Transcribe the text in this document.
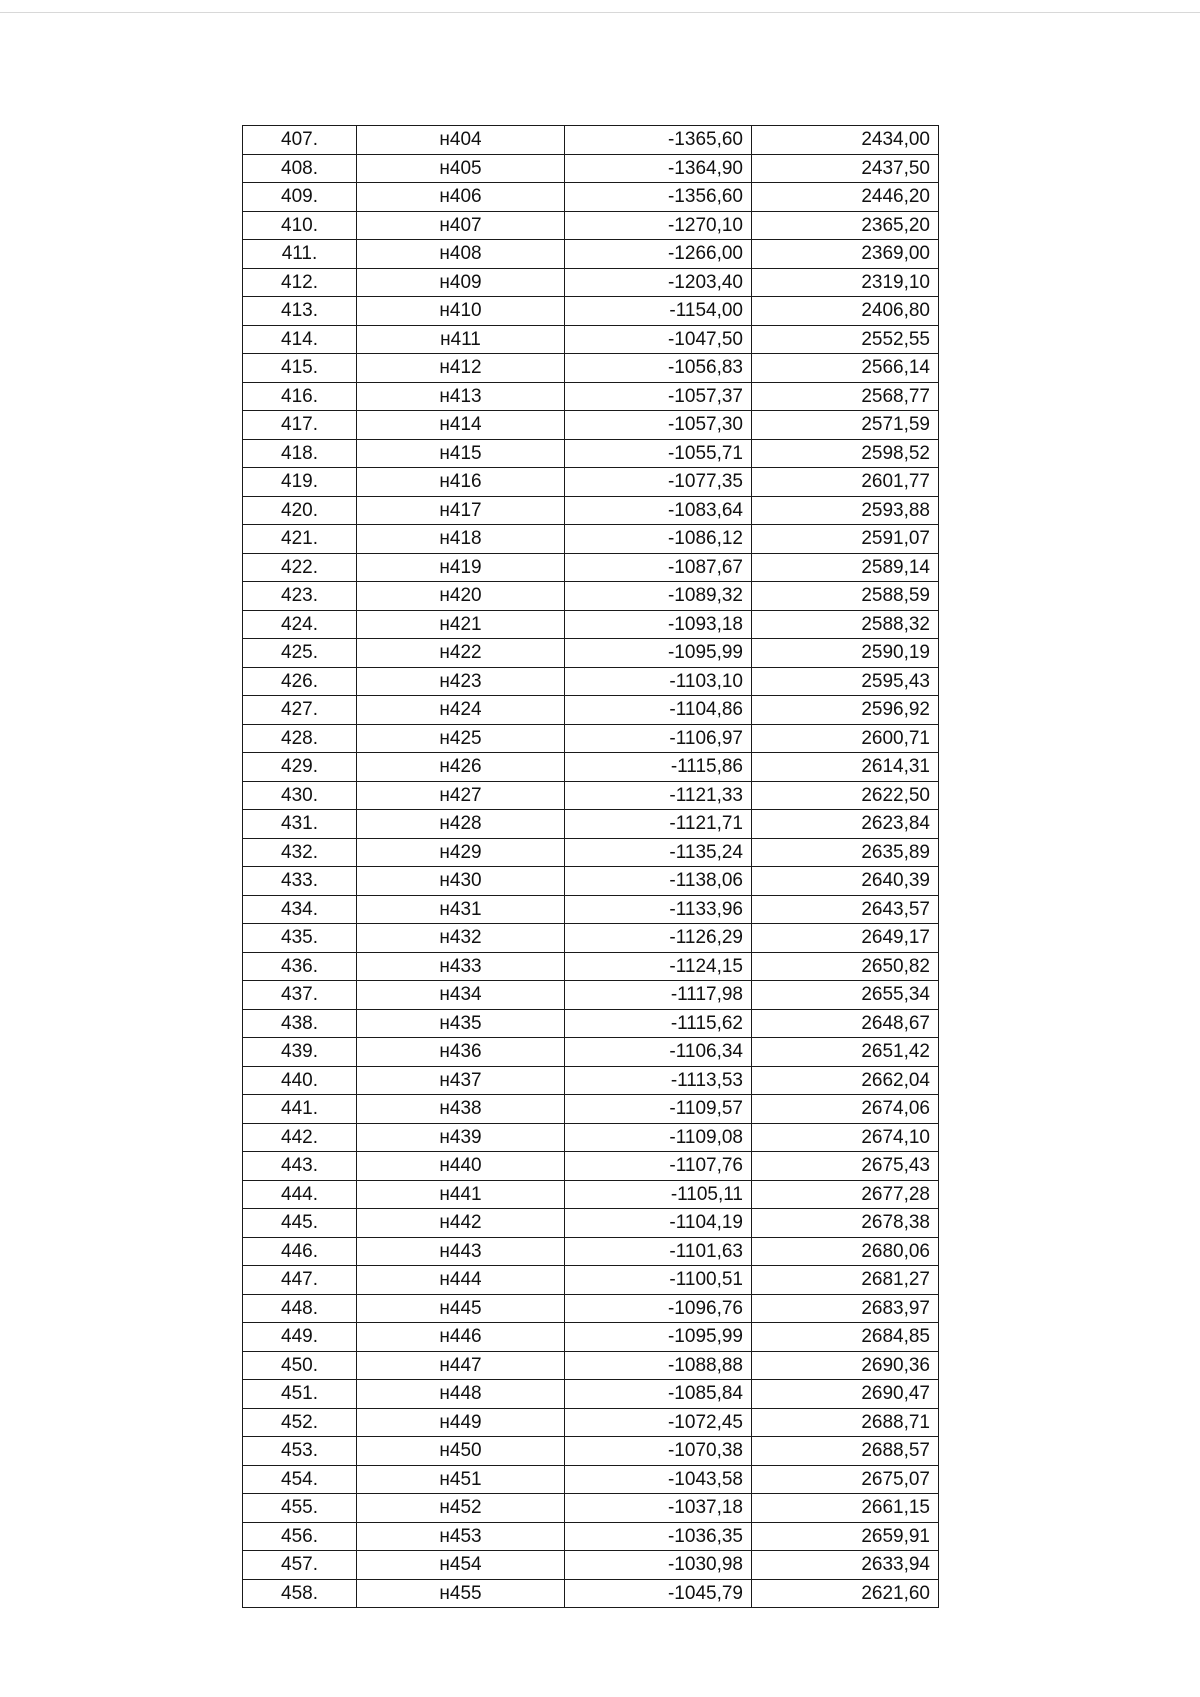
407.	н404	-1365,60	2434,00
408.	н405	-1364,90	2437,50
409.	н406	-1356,60	2446,20
410.	н407	-1270,10	2365,20
411.	н408	-1266,00	2369,00
412.	н409	-1203,40	2319,10
413.	н410	-1154,00	2406,80
414.	н411	-1047,50	2552,55
415.	н412	-1056,83	2566,14
416.	н413	-1057,37	2568,77
417.	н414	-1057,30	2571,59
418.	н415	-1055,71	2598,52
419.	н416	-1077,35	2601,77
420.	н417	-1083,64	2593,88
421.	н418	-1086,12	2591,07
422.	н419	-1087,67	2589,14
423.	н420	-1089,32	2588,59
424.	н421	-1093,18	2588,32
425.	н422	-1095,99	2590,19
426.	н423	-1103,10	2595,43
427.	н424	-1104,86	2596,92
428.	н425	-1106,97	2600,71
429.	н426	-1115,86	2614,31
430.	н427	-1121,33	2622,50
431.	н428	-1121,71	2623,84
432.	н429	-1135,24	2635,89
433.	н430	-1138,06	2640,39
434.	н431	-1133,96	2643,57
435.	н432	-1126,29	2649,17
436.	н433	-1124,15	2650,82
437.	н434	-1117,98	2655,34
438.	н435	-1115,62	2648,67
439.	н436	-1106,34	2651,42
440.	н437	-1113,53	2662,04
441.	н438	-1109,57	2674,06
442.	н439	-1109,08	2674,10
443.	н440	-1107,76	2675,43
444.	н441	-1105,11	2677,28
445.	н442	-1104,19	2678,38
446.	н443	-1101,63	2680,06
447.	н444	-1100,51	2681,27
448.	н445	-1096,76	2683,97
449.	н446	-1095,99	2684,85
450.	н447	-1088,88	2690,36
451.	н448	-1085,84	2690,47
452.	н449	-1072,45	2688,71
453.	н450	-1070,38	2688,57
454.	н451	-1043,58	2675,07
455.	н452	-1037,18	2661,15
456.	н453	-1036,35	2659,91
457.	н454	-1030,98	2633,94
458.	н455	-1045,79	2621,60
